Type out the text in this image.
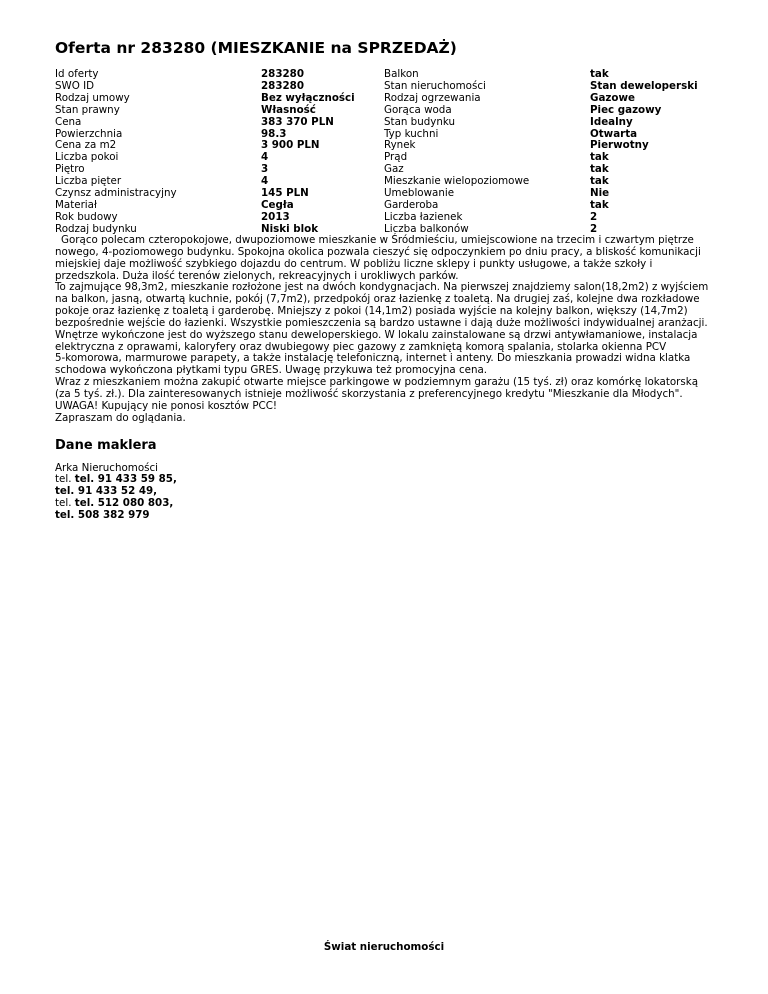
Oferta nr 283280 (MIESZKANIE na SPRZEDAŻ)
Id oferty
SWO ID
Rodzaj umowy
Stan prawny
Cena
Powierzchnia
Cena za m2
Liczba pokoi
Piętro
Liczba pięter
Czynsz administracyjny
Materiał
Rok budowy
Rodzaj budynku
283280
283280
Bez wyłączności
Własność
383 370 PLN
98.3
3 900 PLN
4
3
4
145 PLN
Cegła
2013
Niski blok
Balkon
Stan nieruchomości
Rodzaj ogrzewania
Gorąca woda
Stan budynku
Typ kuchni
Rynek
Prąd
Gaz
Mieszkanie wielopoziomowe
Umeblowanie
Garderoba
Liczba łazienek
Liczba balkonów
tak
Stan deweloperski
Gazowe
Piec gazowy
Idealny
Otwarta
Pierwotny
tak
tak
tak
Nie
tak
2
2

Gorąco polecam czteropokojowe, dwupoziomowe mieszkanie w Śródmieściu, umiejscowione na trzecim i czwartym piętrze

nowego, 4-poziomowego budynku. Spokojna okolica pozwala cieszyć się odpoczynkiem po dniu pracy, a bliskość komunikacji

miejskiej daje możliwość szybkiego dojazdu do centrum. W pobliżu liczne sklepy i punkty usługowe, a także szkoły i

przedszkola. Duża ilość terenów zielonych, rekreacyjnych i urokliwych parków.

To zajmujące 98,3m2, mieszkanie rozłożone jest na dwóch kondygnacjach. Na pierwszej znajdziemy salon(18,2m2) z wyjściem

na balkon, jasną, otwartą kuchnie, pokój (7,7m2), przedpokój oraz łazienkę z toaletą. Na drugiej zaś, kolejne dwa rozkładowe

pokoje oraz łazienkę z toaletą i garderobę. Mniejszy z pokoi (14,1m2) posiada wyjście na kolejny balkon, większy (14,7m2)

bezpośrednie wejście do łazienki. Wszystkie pomieszczenia są bardzo ustawne i dają duże możliwości indywidualnej aranżacji.

Wnętrze wykończone jest do wyższego stanu deweloperskiego. W lokalu zainstalowane są drzwi antywłamaniowe, instalacja

elektryczna z oprawami, kaloryfery oraz dwubiegowy piec gazowy z zamkniętą komorą spalania, stolarka okienna PCV

5-komorowa, marmurowe parapety, a także instalację telefoniczną, internet i anteny. Do mieszkania prowadzi widna klatka

schodowa wykończona płytkami typu GRES. Uwagę przykuwa też promocyjna cena.

Wraz z mieszkaniem można zakupić otwarte miejsce parkingowe w podziemnym garażu (15 tyś. zł) oraz komórkę lokatorską

(za 5 tyś. zł.). Dla zainteresowanych istnieje możliwość skorzystania z preferencyjnego kredytu "Mieszkanie dla Młodych".

UWAGA! Kupujący nie ponosi kosztów PCC!

Zapraszam do oglądania.

Dane maklera
Arka Nieruchomości
tel. tel. 91 433 59 85,
tel. 91 433 52 49,
tel. tel. 512 080 803,
tel. 508 382 979
Świat nieruchomości
